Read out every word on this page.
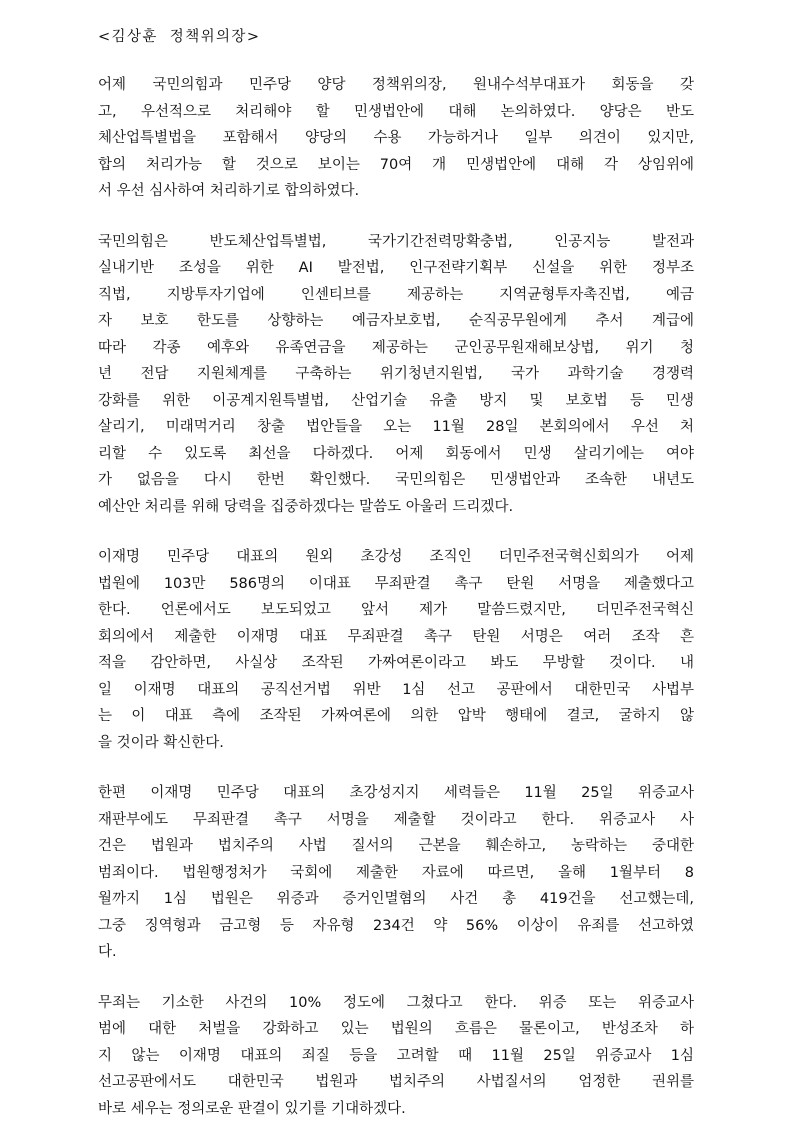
<김상훈  정책위의장>
어제 국민의힘과 민주당 양당 정책위의장, 원내수석부대표가 회동을 갖
고, 우선적으로 처리해야 할 민생법안에 대해 논의하였다. 양당은 반도
체산업특별법을 포함해서 양당의 수용 가능하거나 일부 의견이 있지만,
합의 처리가능 할 것으로 보이는 70여 개 민생법안에 대해 각 상임위에
서 우선 심사하여 처리하기로 합의하였다.
국민의힘은 반도체산업특별법, 국가기간전력망확충법, 인공지능 발전과
실내기반 조성을 위한 AI 발전법, 인구전략기획부 신설을 위한 정부조
직법, 지방투자기업에 인센티브를 제공하는 지역균형투자촉진법, 예금
자 보호 한도를 상향하는 예금자보호법, 순직공무원에게 추서 계급에
따라 각종 예후와 유족연금을 제공하는 군인공무원재해보상법, 위기 청
년 전담 지원체계를 구축하는 위기청년지원법, 국가 과학기술 경쟁력
강화를 위한 이공계지원특별법, 산업기술 유출 방지 및 보호법 등 민생
살리기, 미래먹거리 창출 법안들을 오는 11월 28일 본회의에서 우선 처
리할 수 있도록 최선을 다하겠다. 어제 회동에서 민생 살리기에는 여야
가 없음을 다시 한번 확인했다. 국민의힘은 민생법안과 조속한 내년도
예산안 처리를 위해 당력을 집중하겠다는 말씀도 아울러 드리겠다.
이재명 민주당 대표의 원외 초강성 조직인 더민주전국혁신회의가 어제
법원에 103만 586명의 이대표 무죄판결 촉구 탄원 서명을 제출했다고
한다. 언론에서도 보도되었고 앞서 제가 말씀드렸지만, 더민주전국혁신
회의에서 제출한 이재명 대표 무죄판결 촉구 탄원 서명은 여러 조작 흔
적을 감안하면, 사실상 조작된 가짜여론이라고 봐도 무방할 것이다. 내
일 이재명 대표의 공직선거법 위반 1심 선고 공판에서 대한민국 사법부
는 이 대표 측에 조작된 가짜여론에 의한 압박 행태에 결코, 굴하지 않
을 것이라 확신한다.
한편 이재명 민주당 대표의 초강성지지 세력들은 11월 25일 위증교사
재판부에도 무죄판결 촉구 서명을 제출할 것이라고 한다. 위증교사 사
건은 법원과 법치주의 사법 질서의 근본을 훼손하고, 농락하는 중대한
범죄이다. 법원행정처가 국회에 제출한 자료에 따르면, 올해 1월부터 8
월까지 1심 법원은 위증과 증거인멸혐의 사건 총 419건을 선고했는데,
그중 징역형과 금고형 등 자유형 234건 약 56% 이상이 유죄를 선고하였
다.
무죄는 기소한 사건의 10% 정도에 그쳤다고 한다. 위증 또는 위증교사
범에 대한 처벌을 강화하고 있는 법원의 흐름은 물론이고, 반성조차 하
지 않는 이재명 대표의 죄질 등을 고려할 때 11월 25일 위증교사 1심
선고공판에서도 대한민국 법원과 법치주의 사법질서의 엄정한 권위를
바로 세우는 정의로운 판결이 있기를 기대하겠다.
